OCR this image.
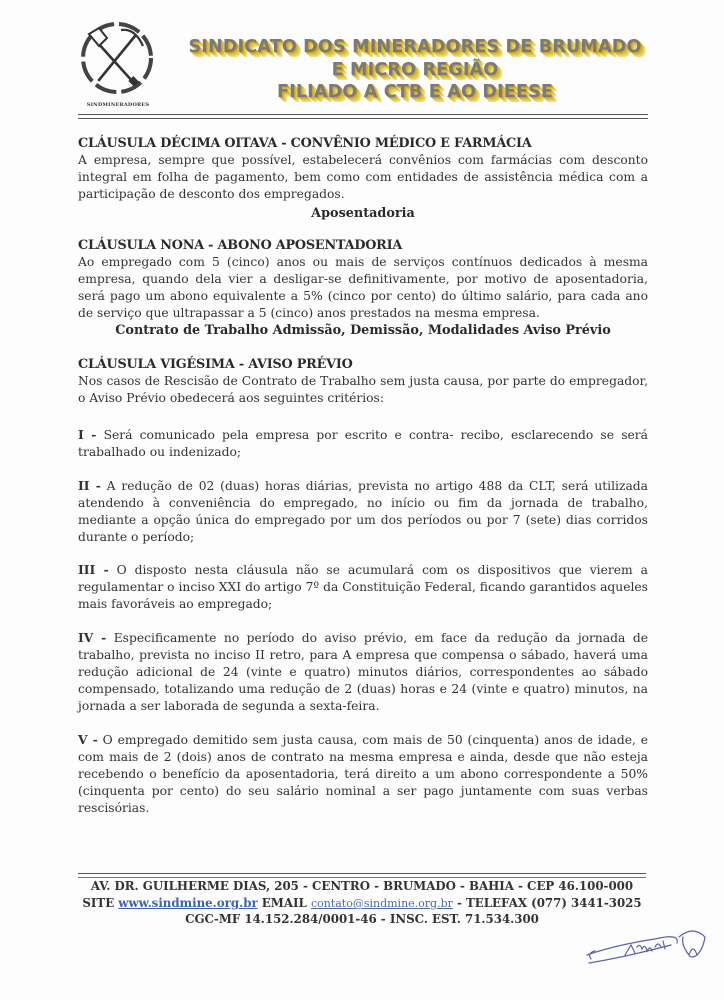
SINDMINERADORES
SINDICATO DOS MINERADORES DE BRUMADO
E MICRO REGIÃO
FILIADO A CTB E AO DIEESE

CLÁUSULA DÉCIMA OITAVA - CONVÊNIO MÉDICO E FARMÁCIA

A empresa, sempre que possível, estabelecerá convênios com farmácias com desconto integral em folha de pagamento, bem como com entidades de assistência médica com a participação de desconto dos empregados.

Aposentadoria

CLÁUSULA NONA - ABONO APOSENTADORIA

Ao empregado com 5 (cinco) anos ou mais de serviços contínuos dedicados à mesma empresa, quando dela vier a desligar-se definitivamente, por motivo de aposentadoria, será pago um abono equivalente a 5% (cinco por cento) do último salário, para cada ano de serviço que ultrapassar a 5 (cinco) anos prestados na mesma empresa.

Contrato de Trabalho Admissão, Demissão, Modalidades Aviso Prévio

CLÁUSULA VIGÉSIMA - AVISO PRÉVIO

Nos casos de Rescisão de Contrato de Trabalho sem justa causa, por parte do empregador, o Aviso Prévio obedecerá aos seguintes critérios:

I - Será comunicado pela empresa por escrito e contra- recibo, esclarecendo se será trabalhado ou indenizado;

II - A redução de 02 (duas) horas diárias, prevista no artigo 488 da CLT, será utilizada atendendo à conveniência do empregado, no início ou fim da jornada de trabalho, mediante a opção única do empregado por um dos períodos ou por 7 (sete) dias corridos durante o período;

III - O disposto nesta cláusula não se acumulará com os dispositivos que vierem a regulamentar o inciso XXI do artigo 7º da Constituição Federal, ficando garantidos aqueles mais favoráveis ao empregado;

IV - Especificamente no período do aviso prévio, em face da redução da jornada de trabalho, prevista no inciso II retro, para A empresa que compensa o sábado, haverá uma redução adicional de 24 (vinte e quatro) minutos diários, correspondentes ao sábado compensado, totalizando uma redução de 2 (duas) horas e 24 (vinte e quatro) minutos, na jornada a ser laborada de segunda a sexta-feira.

V - O empregado demitido sem justa causa, com mais de 50 (cinquenta) anos de idade, e com mais de 2 (dois) anos de contrato na mesma empresa e ainda, desde que não esteja recebendo o benefício da aposentadoria, terá direito a um abono correspondente a 50% (cinquenta por cento) do seu salário nominal a ser pago juntamente com suas verbas rescisórias.

AV. DR. GUILHERME DIAS, 205 - CENTRO - BRUMADO - BAHIA - CEP 46.100-000
SITE www.sindmine.org.br EMAIL contato@sindmine.org.br - TELEFAX (077) 3441-3025
CGC-MF 14.152.284/0001-46 - INSC. EST. 71.534.300
